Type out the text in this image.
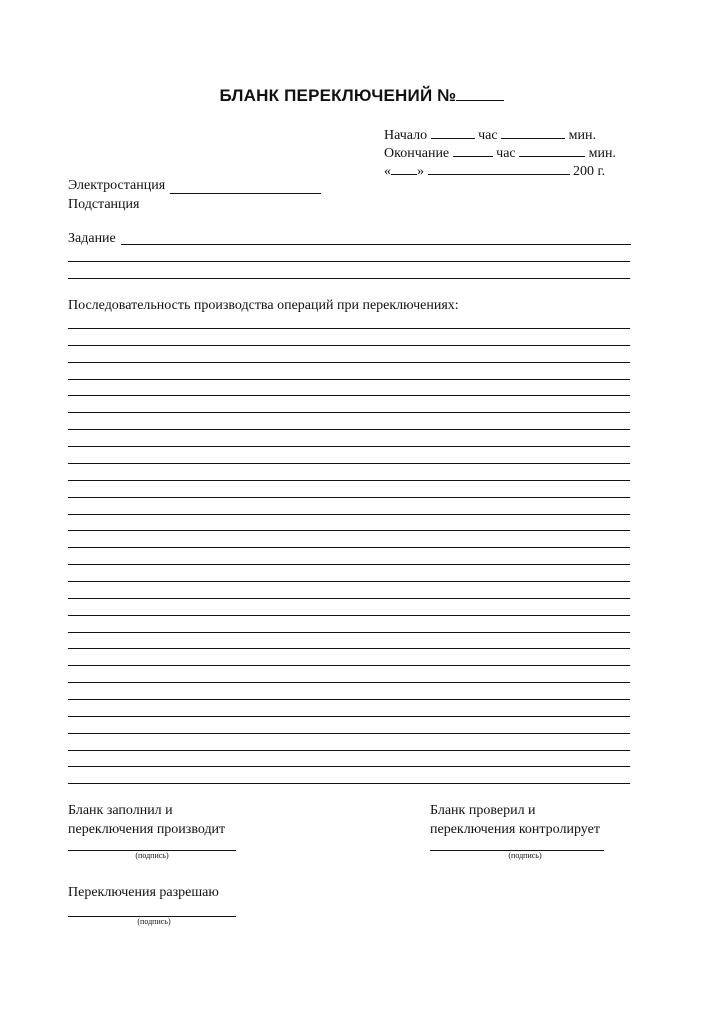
БЛАНК ПЕРЕКЛЮЧЕНИЙ №
Начало	час	мин.
Окончание	час	мин.
« »	200 г.
Электростанция
Подстанция
Задание
Последовательность производства операций при переключениях:
Бланк заполнил и
переключения производит
(подпись)
Бланк проверил и
переключения контролирует
(подпись)
Переключения разрешаю
(подпись)
